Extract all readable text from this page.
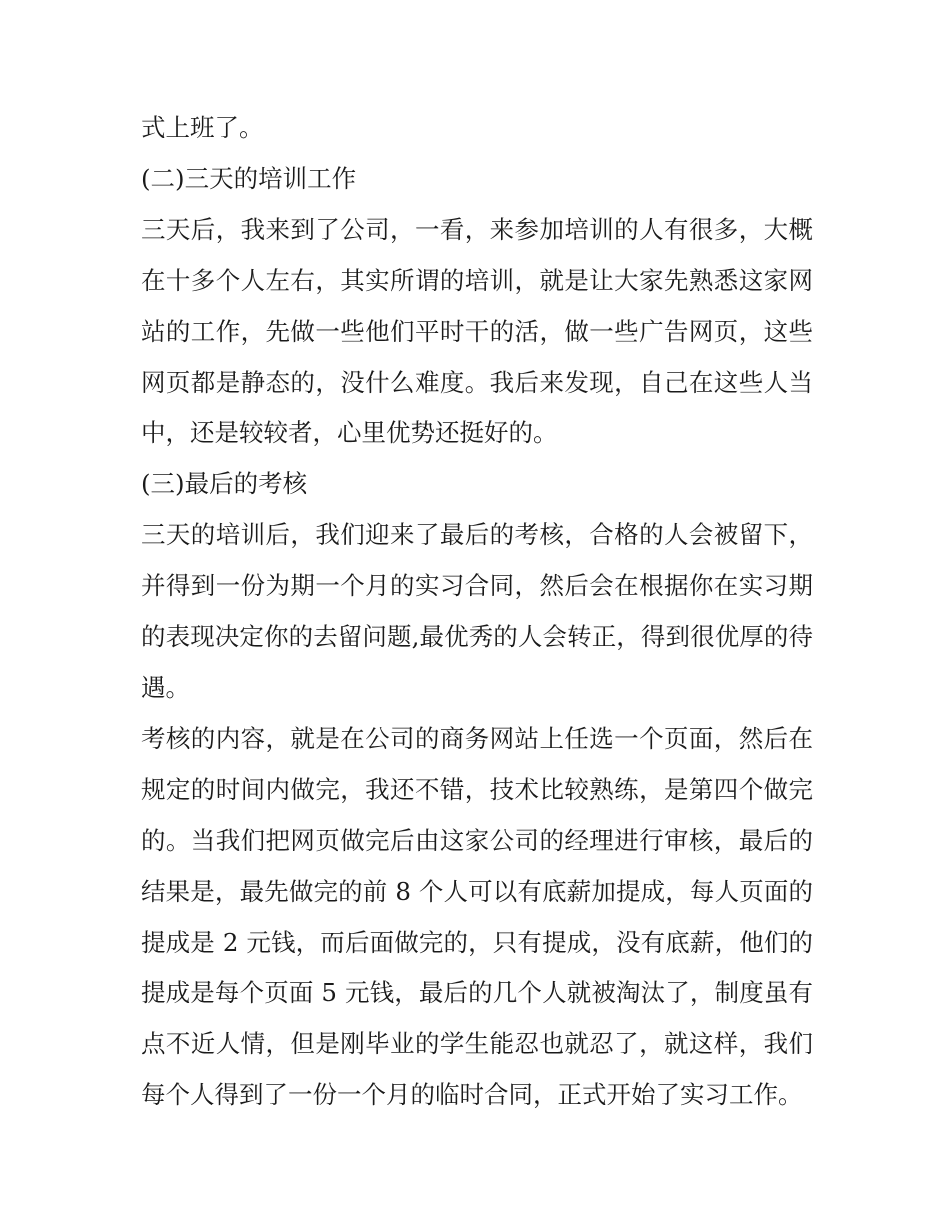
式上班了。

(二)三天的培训工作

三天后，我来到了公司，一看，来参加培训的人有很多，大概在十多个人左右，其实所谓的培训，就是让大家先熟悉这家网站的工作，先做一些他们平时干的活，做一些广告网页，这些网页都是静态的，没什么难度。我后来发现，自己在这些人当中，还是较较者，心里优势还挺好的。

(三)最后的考核

三天的培训后，我们迎来了最后的考核，合格的人会被留下，并得到一份为期一个月的实习合同，然后会在根据你在实习期的表现决定你的去留问题,最优秀的人会转正，得到很优厚的待遇。

考核的内容，就是在公司的商务网站上任选一个页面，然后在规定的时间内做完，我还不错，技术比较熟练，是第四个做完的。当我们把网页做完后由这家公司的经理进行审核，最后的结果是，最先做完的前 8 个人可以有底薪加提成，每人页面的提成是 2 元钱，而后面做完的，只有提成，没有底薪，他们的提成是每个页面 5 元钱，最后的几个人就被淘汰了，制度虽有点不近人情，但是刚毕业的学生能忍也就忍了，就这样，我们每个人得到了一份一个月的临时合同，正式开始了实习工作。
